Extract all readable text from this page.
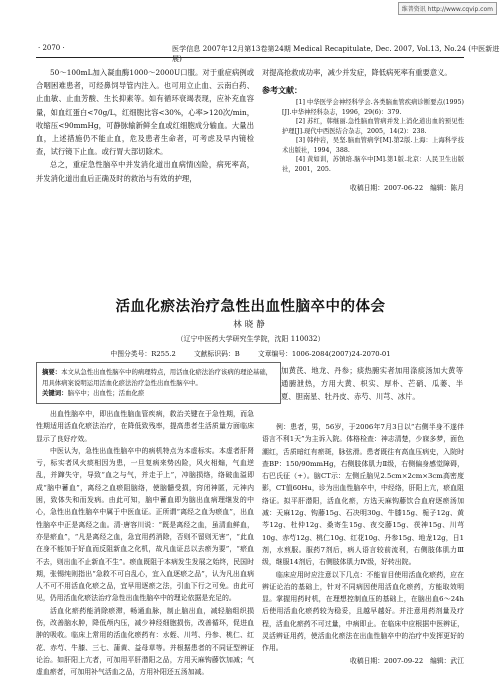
维普资讯 http://www.cqvip.com
· 2070 ·	医学信息 2007年12月第13卷第24期 Medical Recapitulate, Dec. 2007, Vol.13, No.24 (中医新进展)

50～100mL加入凝血酶1000～2000U口服。对于重症病例或合咽困难患者，可经鼻饲导管内注入。也可用立止血、云南白药、止血敏、止血芳酸、生长抑素等。如有循环衰竭表现，应补充血容量，如血红蛋白<70g/L，红细胞比容<30%，心率>120次/min，收缩压<90mmHg，可静脉输新鲜全血或红细胞成分输血。大量出血，上述措施仍不能止血，危及患者生命者，可考虑及早内镜检查，试行镜下止血。或行胃大部切除术。

总之，重症急性脑卒中并发消化道出血病情凶险，病死率高，并发消化道出血后正确及时的救治与有效的护理，

对提高抢救成功率，减少并发症，降低病死率有重要意义。

参考文献：

[1] 中华医学会神经科学会.各类脑血管疾病诊断要点(1995)[J].中华神经科杂志，1996，29(6)：379.

[2] 苏红，韩继丽.急性脑血管病并发上消化道出血的预见性护理[J].现代中西医结合杂志，2005，14(2)：238.

[3] 韩仲岩，吴坚.脑血管病学[M].第2版.上海：上海科学技术出版社，1994，388.

[4] 黄如训，苏镇培.脑卒中[M].第1版.北京：人民卫生出版社，2001，205.

收稿日期：2007-06-22　编辑：陈月
活血化瘀法治疗急性出血性脑卒中的体会
林晓静
（辽宁中医药大学研究生学院，沈阳 110032）
中图分类号：R255.2	文献标识码：B	文章编号：1006-2084(2007)24-2070-01
摘要：本文从急性出血性脑卒中的病理特点，用活血化瘀法治疗该病的理论基础，用具体病案说明运用活血化瘀法治疗急性出血性脑卒中。
关键词：脑卒中；出血性；活血化瘀
加黄芪、地龙、丹参；痰热腑实者加用涤痰汤加大黄等通腑泄热，方用大黄、枳实、厚朴、芒硝、瓜蒌、半夏、胆南星、牡丹皮、赤芍、川芎、冰片。

出血性脑卒中，即出血性脑血管疾病，救治关键在于急性期，而急性期适用活血化瘀法治疗，在降低致残率，提高患者生活质量方面临床显示了良好疗效。

中医认为，急性出血性脑卒中的病机特点为本虚标实。本虚者肝肾亏，标实者风火痰相因为患，一旦复病来势凶险，风火相煽，气血逆乱，并蹿失守，导致“血之与气，并走于上”，冲脑损络，络破血溢即成“脑中蓄血”，离经之血瘀阻脑络，使脑髓受损，窍闭神匿，元神内困，致体失和而发病。由此可知，脑中蓄血即为脑出血病理继发的中心，急性出血性脑卒中属于中医血证。正所谓“离经之血为瘀血”，出血性脑卒中正是离经之血。清·唐容川说：“既是离经之血，虽清血鲜血，亦是瘀血”，“凡是离经之血，急宜用药消除，否则不留则无害”，“此血在身不能加于好血而反阻新血之化机，故凡血证总以去瘀为要”，“瘀血不去，则出血不止新血不生”。瘀血既阻于本病发生发展之始终，民国时期，张锡纯则指出“急救不可自乱心，宜入血逐瘀之品”，认为凡出血病人不可不用活血化瘀之品，宜早用逐瘀之法，引血下行之可免。由此可见，仍用活血化瘀法治疗急性出血性脑卒中的理论依据是充足的。

活血化瘀药能消除瘀滞，畅通血脉，制止脑出血，减轻脑组织损伤，改善脑水肿，降低颅内压，减少神经细胞损伤，改善循环，促进血肿的吸收。临床上常用的活血化瘀药有：水蛭、川芎、丹参、桃仁、红花、赤芍、牛膝、三七、蒲黄、益母草等。并根据患者的不同证型辨证论治。如肝阳上亢者，可加用平肝潜阳之品，方用天麻钩藤饮加减；气虚血瘀者，可加用补气活血之品，方用补阳还五汤加减。

例：患者，男，56岁，于2006年7月3日以“右侧半身不遂伴语言不利1天”为主诉入院。体格检查：神志清楚，少寐多梦，面色潮红，舌质暗红有瘀斑，脉弦滑。患者既往有高血压病史，入院时查BP：150/90mmHg，右侧肢体肌力Ⅱ级，右侧偏身感觉障碍，右巴氏征（+）。脑CT示：左侧丘脑见2.5cm×2cm×3cm高密度影，CT值60Hu，诊为出血性脑卒中，中经络，肝阳上亢，瘀血阻络证。拟平肝潜阳，活血化瘀，方选天麻钩藤饮合血府逐瘀汤加减：天麻12g、钩藤15g、石决明30g、牛膝15g、栀子12g、黄芩12g、杜仲12g、桑寄生15g、夜交藤15g、茯神15g、川芎10g、赤芍12g、桃仁10g、红花10g、丹参15g、地龙12g，日1剂，水煎服。服药7剂后，病人语言较前流利，右侧肢体肌力Ⅲ级，继服14剂后，右侧肢体肌力Ⅳ级，好转出院。

临床应用时应注意以下几点：不能盲目使用活血化瘀药，应在辨证论治的基础上，针对不同病因使用活血化瘀药，方能取效明显。掌握用药时机，在理想控制血压的基础上，在脑出血6～24h后使用活血化瘀药较为稳妥，且越早越好。并注意用药剂量及疗程，活血化瘀药不可过量，中病即止。在临床中应根据中医辨证，灵活辨证用药，使活血化瘀法在出血性脑卒中的治疗中发挥更好的作用。

收稿日期：2007-09-22　编辑：武江
